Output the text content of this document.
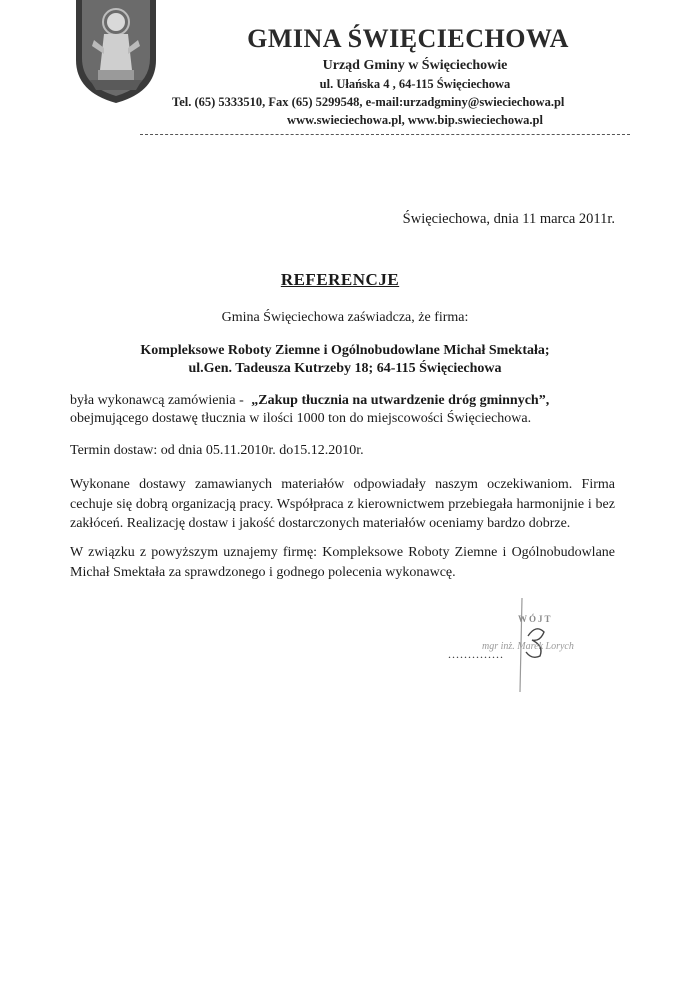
GMINA ŚWIĘCIECHOWA
Urząd Gminy w Święciechowie
ul. Ułańska 4 , 64-115 Święciechowa
Tel. (65) 5333510, Fax (65) 5299548, e-mail:urzadgminy@swieciechowa.pl
www.swieciechowa.pl, www.bip.swieciechowa.pl
Święciechowa, dnia 11 marca 2011r.
REFERENCJE
Gmina Święciechowa zaświadcza, że firma:
Kompleksowe Roboty Ziemne i Ogólnobudowlane Michał Smektała;
ul.Gen. Tadeusza Kutrzeby 18; 64-115 Święciechowa
była wykonawcą zamówienia - „Zakup tłucznia na utwardzenie dróg gminnych”,
obejmującego dostawę tłucznia w ilości 1000 ton do miejscowości Święciechowa.
Termin dostaw: od dnia 05.11.2010r. do15.12.2010r.
Wykonane dostawy zamawianych materiałów odpowiadały naszym oczekiwaniom. Firma cechuje się dobrą organizacją pracy. Współpraca z kierownictwem przebiegała harmonijnie i bez zakłóceń. Realizację dostaw i jakość dostarczonych materiałów oceniamy bardzo dobrze.
W związku z powyższym uznajemy firmę: Kompleksowe Roboty Ziemne i Ogólnobudowlane Michał Smektała za sprawdzonego i godnego polecenia wykonawcę.
WÓJT
..............
mgr inż. Marek Lorych
